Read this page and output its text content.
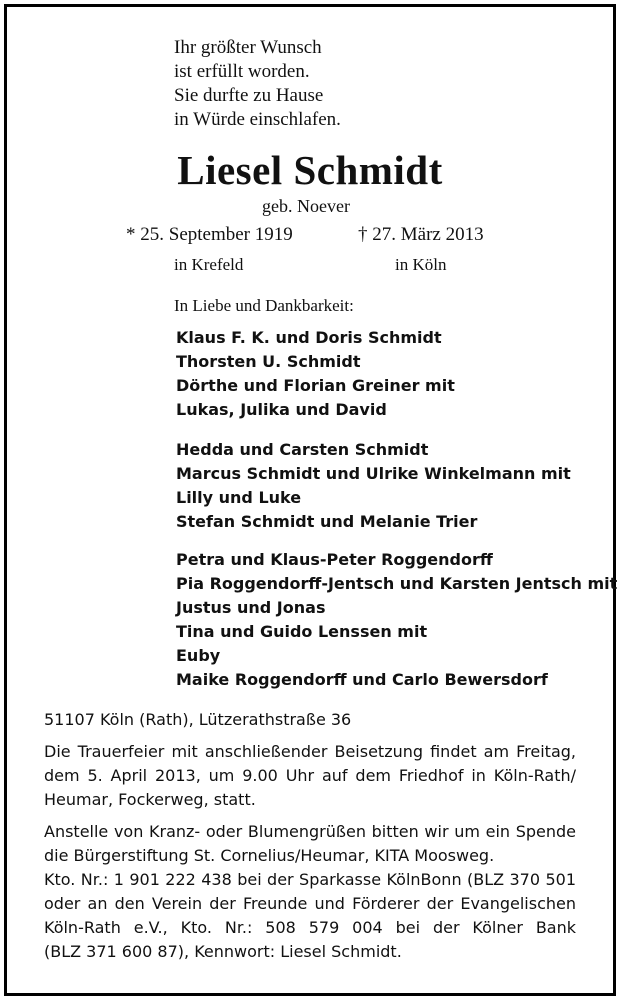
Ihr größter Wunsch
ist erfüllt worden.
Sie durfte zu Hause
in Würde einschlafen.
Liesel Schmidt
geb. Noever
* 25. September 1919	† 27. März 2013
in Krefeld	in Köln
In Liebe und Dankbarkeit:
Klaus F. K. und Doris Schmidt
Thorsten U. Schmidt
Dörthe und Florian Greiner mit
Lukas, Julika und David
Hedda und Carsten Schmidt
Marcus Schmidt und Ulrike Winkelmann mit
Lilly und Luke
Stefan Schmidt und Melanie Trier
Petra und Klaus-Peter Roggendorff
Pia Roggendorff-Jentsch und Karsten Jentsch mit
Justus und Jonas
Tina und Guido Lenssen mit
Euby
Maike Roggendorff und Carlo Bewersdorf
51107 Köln (Rath), Lützerathstraße 36
Die Trauerfeier mit anschließender Beisetzung findet am Freitag,
dem 5. April 2013, um 9.00 Uhr auf dem Friedhof in Köln-Rath/
Heumar, Fockerweg, statt.
Anstelle von Kranz- oder Blumengrüßen bitten wir um ein Spende
die Bürgerstiftung St. Cornelius/Heumar, KITA Moosweg.
Kto. Nr.: 1 901 222 438 bei der Sparkasse KölnBonn (BLZ 370 501
oder an den Verein der Freunde und Förderer der Evangelischen
Köln-Rath e.V., Kto. Nr.: 508 579 004 bei der Kölner Bank
(BLZ 371 600 87), Kennwort: Liesel Schmidt.
